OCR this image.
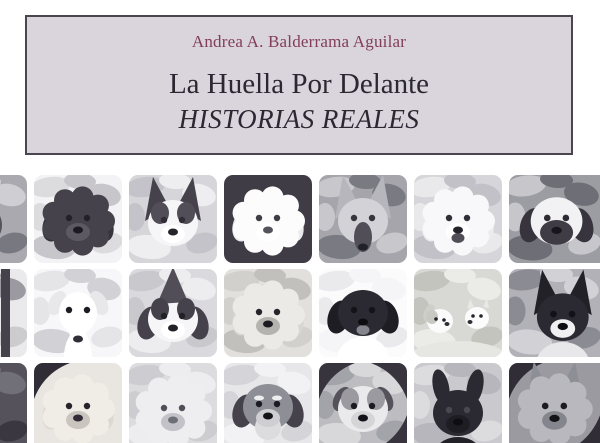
Andrea A. Balderrama Aguilar
La Huella Por Delante
HISTORIAS REALES
